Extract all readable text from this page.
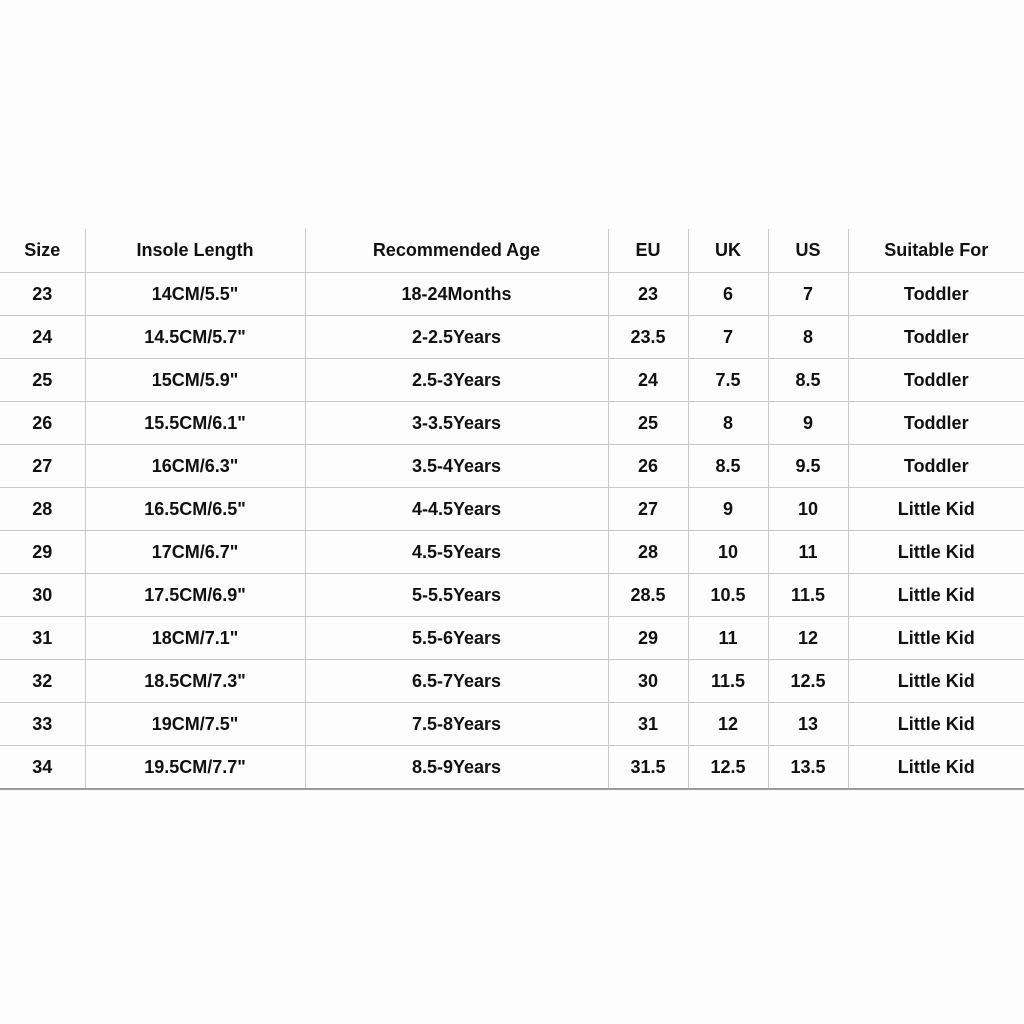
Size	Insole Length	Recommended Age	EU	UK	US	Suitable For
23	14CM/5.5"	18-24Months	23	6	7	Toddler
24	14.5CM/5.7"	2-2.5Years	23.5	7	8	Toddler
25	15CM/5.9"	2.5-3Years	24	7.5	8.5	Toddler
26	15.5CM/6.1"	3-3.5Years	25	8	9	Toddler
27	16CM/6.3"	3.5-4Years	26	8.5	9.5	Toddler
28	16.5CM/6.5"	4-4.5Years	27	9	10	Little Kid
29	17CM/6.7"	4.5-5Years	28	10	11	Little Kid
30	17.5CM/6.9"	5-5.5Years	28.5	10.5	11.5	Little Kid
31	18CM/7.1"	5.5-6Years	29	11	12	Little Kid
32	18.5CM/7.3"	6.5-7Years	30	11.5	12.5	Little Kid
33	19CM/7.5"	7.5-8Years	31	12	13	Little Kid
34	19.5CM/7.7"	8.5-9Years	31.5	12.5	13.5	Little Kid
